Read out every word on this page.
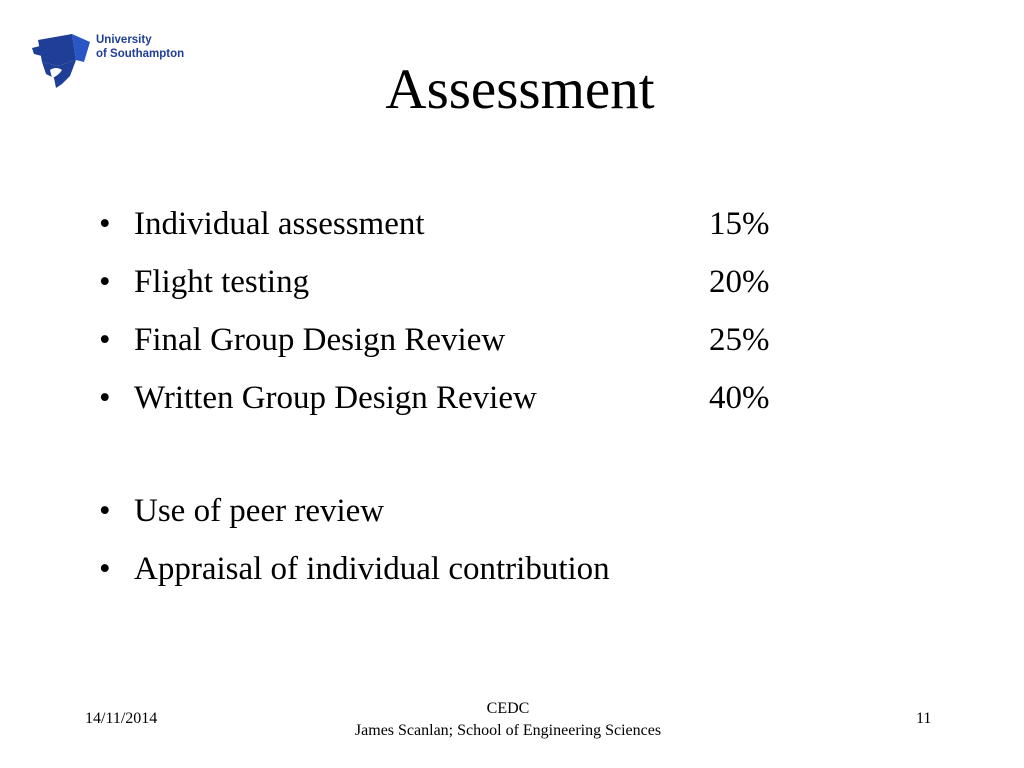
University
of Southampton
Assessment
• Individual assessment	15%
• Flight testing	20%
• Final Group Design Review	25%
• Written Group Design Review	40%
• Use of peer review
• Appraisal of individual contribution
14/11/2014
CEDC
James Scanlan; School of Engineering Sciences
11
